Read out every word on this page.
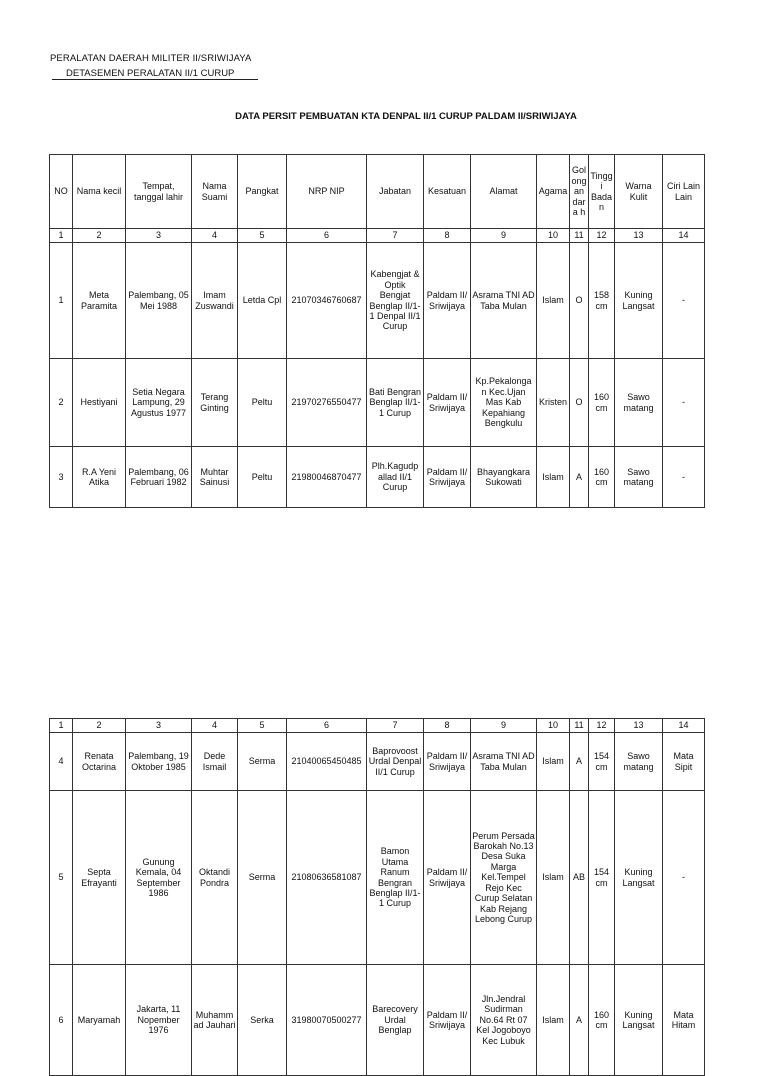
PERALATAN DAERAH MILITER II/SRIWIJAYA
DETASEMEN PERALATAN II/1 CURUP
DATA PERSIT PEMBUATAN KTA DENPAL II/1 CURUP PALDAM II/SRIWIJAYA
NO	Nama kecil	Tempat, tanggal lahir	Nama Suami	Pangkat	NRP NIP	Jabatan	Kesatuan	Alamat	Agama	Gol ong an dara h	Tingg i Bada n	Warna Kulit	Ciri Lain Lain
1	2	3	4	5	6	7	8	9	10	11	12	13	14
1	Meta Paramita	Palembang, 05 Mei 1988	Imam Zuswandi	Letda Cpl	21070346760687	Kabengjat & Optik Bengjat Benglap II/1-1 Denpal II/1 Curup	Paldam II/ Sriwijaya	Asrama TNI AD Taba Mulan	Islam	O	158 cm	Kuning Langsat	-
2	Hestiyani	Setia Negara Lampung, 29 Agustus 1977	Terang Ginting	Peltu	21970276550477	Bati Bengran Benglap II/1-1 Curup	Paldam II/ Sriwijaya	Kp.Pekalonga n Kec.Ujan Mas Kab Kepahiang Bengkulu	Kristen	O	160 cm	Sawo matang	-
3	R.A Yeni Atika	Palembang, 06 Februari 1982	Muhtar Sainusi	Peltu	21980046870477	Plh.Kagudp allad II/1 Curup	Paldam II/ Sriwijaya	Bhayangkara Sukowati	Islam	A	160 cm	Sawo matang	-
1	2	3	4	5	6	7	8	9	10	11	12	13	14
4	Renata Octarina	Palembang, 19 Oktober 1985	Dede Ismail	Serma	21040065450485	Baprovoost Urdal Denpal II/1 Curup	Paldam II/ Sriwijaya	Asrama TNI AD Taba Mulan	Islam	A	154 cm	Sawo matang	Mata Sipit
5	Septa Efrayanti	Gunung Kemala, 04 September 1986	Oktandi Pondra	Serma	21080636581087	Bamon Utama Ranum Bengran Benglap II/1-1 Curup	Paldam II/ Sriwijaya	Perum Persada Barokah No.13 Desa Suka Marga Kel.Tempel Rejo Kec Curup Selatan Kab Rejang Lebong Curup	Islam	AB	154 cm	Kuning Langsat	-
6	Maryamah	Jakarta, 11 Nopember 1976	Muhamm ad Jauhari	Serka	31980070500277	Barecovery Urdal Benglap	Paldam II/ Sriwijaya	Jln.Jendral Sudirman No.64 Rt 07 Kel Jogoboyo Kec Lubuk	Islam	A	160 cm	Kuning Langsat	Mata Hitam
